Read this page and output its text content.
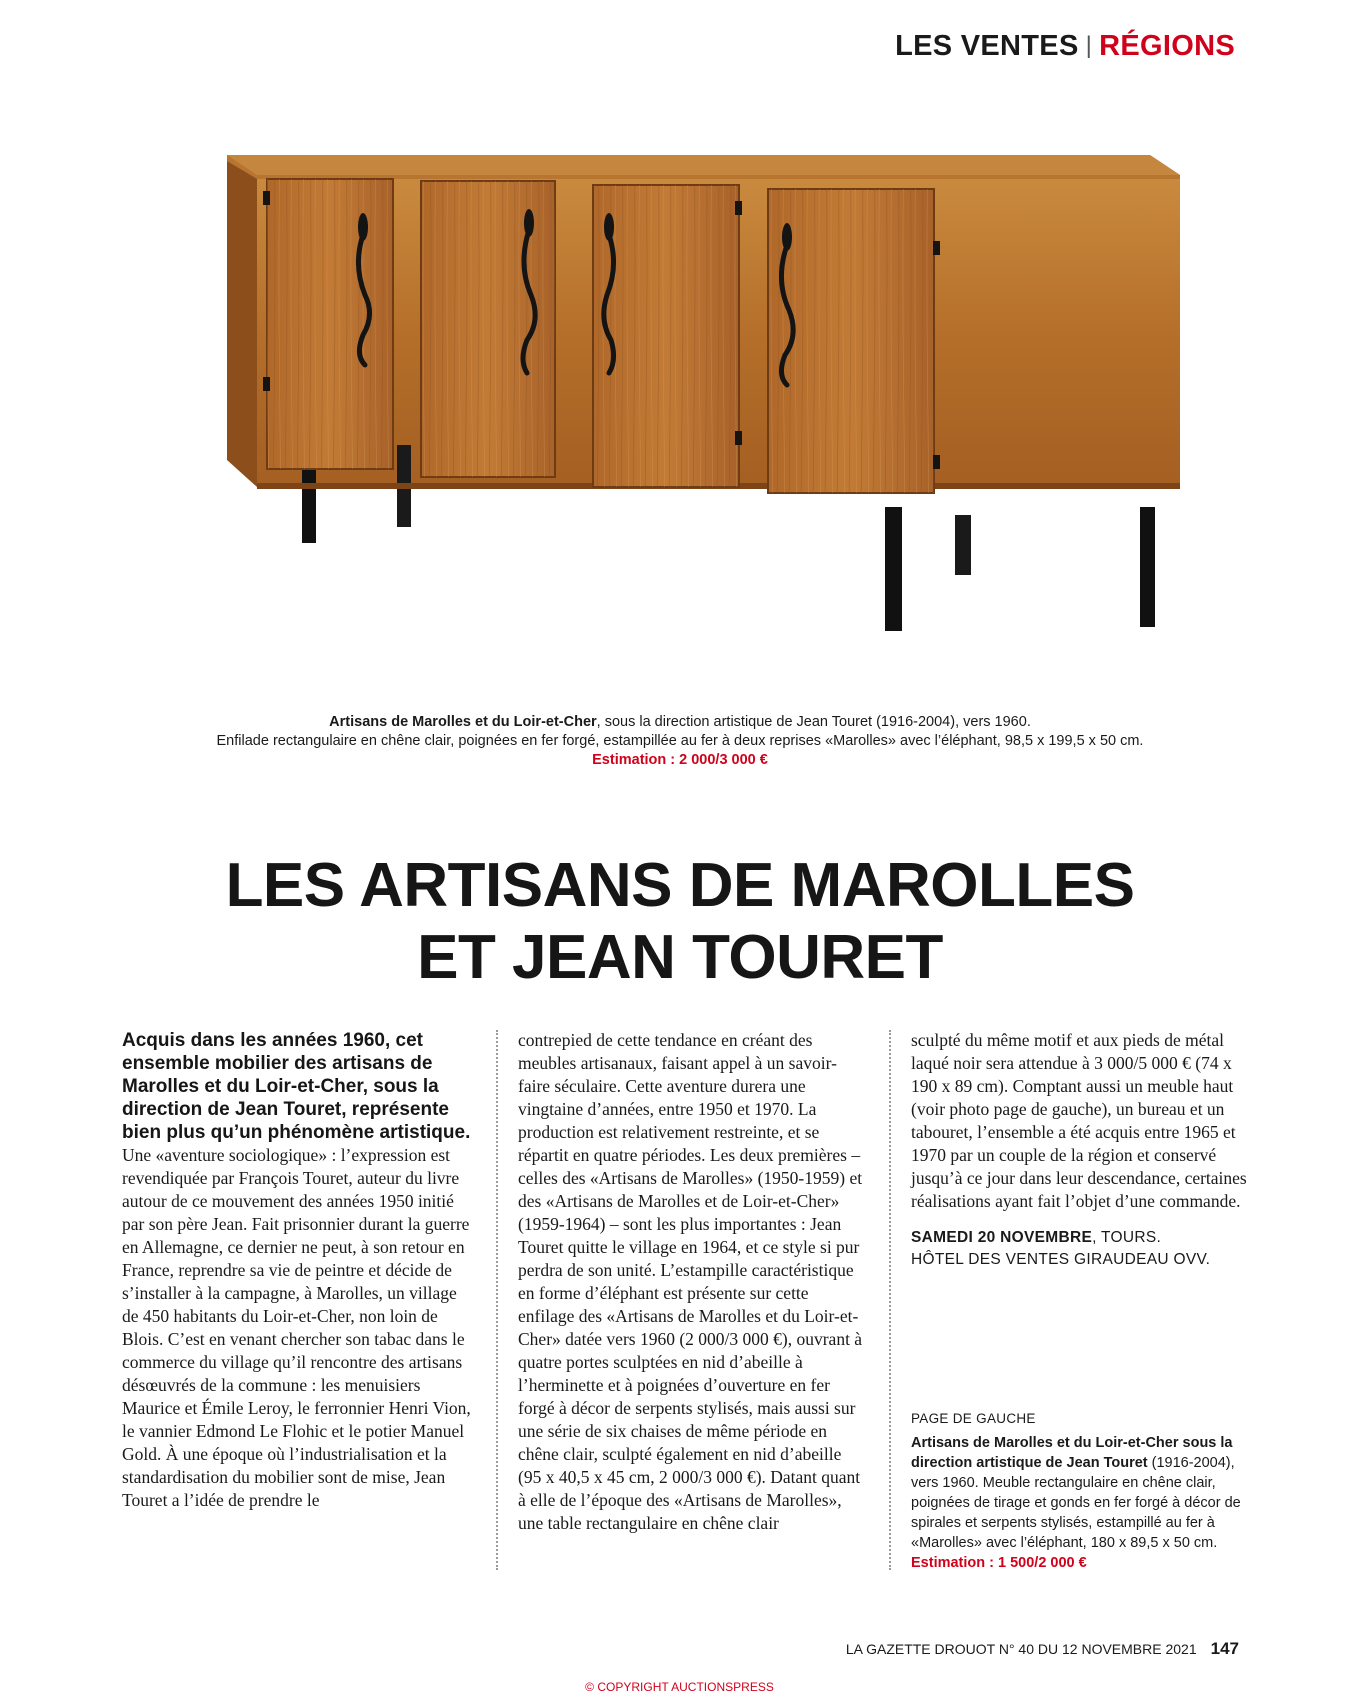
LES VENTES | RÉGIONS
Artisans de Marolles et du Loir-et-Cher, sous la direction artistique de Jean Touret (1916-2004), vers 1960.
Enfilade rectangulaire en chêne clair, poignées en fer forgé, estampillée au fer à deux reprises «Marolles» avec l’éléphant, 98,5 x 199,5 x 50 cm.
Estimation : 2 000/3 000 €
LES ARTISANS DE MAROLLES
ET JEAN TOURET
Acquis dans les années 1960, cet ensemble mobilier des artisans de Marolles et du Loir-et-Cher, sous la direction de Jean Touret, représente bien plus qu’un phénomène artistique.
Une «aventure sociologique» : l’expression est revendiquée par François Touret, auteur du livre autour de ce mouvement des années 1950 initié par son père Jean. Fait prisonnier durant la guerre en Allemagne, ce dernier ne peut, à son retour en France, reprendre sa vie de peintre et décide de s’installer à la campagne, à Marolles, un village de 450 habitants du Loir-et-Cher, non loin de Blois. C’est en venant chercher son tabac dans le commerce du village qu’il rencontre des artisans désœuvrés de la commune : les menuisiers Maurice et Émile Leroy, le ferronnier Henri Vion, le vannier Edmond Le Flohic et le potier Manuel Gold. À une époque où l’industrialisation et la standardisation du mobilier sont de mise, Jean Touret a l’idée de prendre le
contrepied de cette tendance en créant des meubles artisanaux, faisant appel à un savoir-faire séculaire. Cette aventure durera une vingtaine d’années, entre 1950 et 1970. La production est relativement restreinte, et se répartit en quatre périodes. Les deux premières – celles des «Artisans de Marolles» (1950-1959) et des «Artisans de Marolles et de Loir-et-Cher» (1959-1964) – sont les plus importantes : Jean Touret quitte le village en 1964, et ce style si pur perdra de son unité. L’estampille caractéristique en forme d’éléphant est présente sur cette enfilage des «Artisans de Marolles et du Loir-et-Cher» datée vers 1960 (2 000/3 000 €), ouvrant à quatre portes sculptées en nid d’abeille à l’herminette et à poignées d’ouverture en fer forgé à décor de serpents stylisés, mais aussi sur une série de six chaises de même période en chêne clair, sculpté également en nid d’abeille (95 x 40,5 x 45 cm, 2 000/3 000 €). Datant quant à elle de l’époque des «Artisans de Marolles», une table rectangulaire en chêne clair
sculpté du même motif et aux pieds de métal laqué noir sera attendue à 3 000/5 000 € (74 x 190 x 89 cm). Comptant aussi un meuble haut (voir photo page de gauche), un bureau et un tabouret, l’ensemble a été acquis entre 1965 et 1970 par un couple de la région et conservé jusqu’à ce jour dans leur descendance, certaines réalisations ayant fait l’objet d’une commande.
SAMEDI 20 NOVEMBRE, TOURS.
HÔTEL DES VENTES GIRAUDEAU OVV.
PAGE DE GAUCHE
Artisans de Marolles et du Loir-et-Cher sous la direction artistique de Jean Touret (1916-2004), vers 1960. Meuble rectangulaire en chêne clair, poignées de tirage et gonds en fer forgé à décor de spirales et serpents stylisés, estampillé au fer à «Marolles» avec l’éléphant, 180 x 89,5 x 50 cm.
Estimation : 1 500/2 000 €
LA GAZETTE DROUOT N° 40 DU 12 NOVEMBRE 2021 147
© COPYRIGHT AUCTIONSPRESS
